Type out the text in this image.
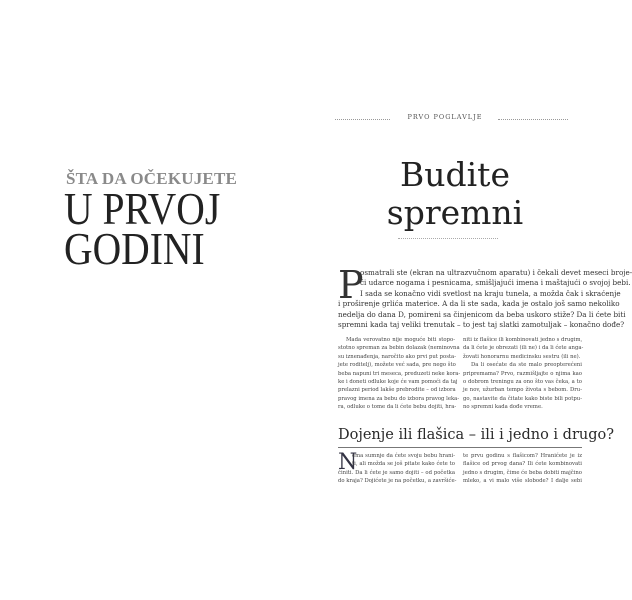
ŠTA DA OČEKUJETE
U PRVOJ
GODINI
PRVO POGLAVLJE
Budite
spremni
P
osmatrali ste (ekran na ultrazvučnom aparatu) i čekali devet meseci broje-
ći udarce nogama i pesnicama, smišljajući imena i maštajući o svojoj bebi.
I sada se konačno vidi svetlost na kraju tunela, a možda čak i skraćenje
i proširenje grlića materice. A da li ste sada, kada je ostalo još samo nekoliko
nedelja do dana D, pomireni sa činjenicom da beba uskoro stiže? Da li ćete biti
spremni kada taj veliki trenutak – to jest taj slatki zamotuljak – konačno dođe?
Mada verovatno nije moguće biti stopo-
stotno spreman za bebin dolazak (neminovna
su iznenađenja, naročito ako prvi put posta-
jete roditelj), možete već sada, pre nego što
beba napuni tri meseca, preduzeti neke kora-
ke i doneti odluke koje će vam pomoći da taj
prelazni period lakše prebrodite – od izbora
pravog imena za bebu do izbora pravog leka-
ra, odluke o tome da li ćete bebu dojiti, hra-
niti iz flašice ili kombinovati jedno s drugim,
da li ćete je obrezati (ili ne) i da li ćete anga-
žovati honorarnu medicinsku sestru (ili ne).
Da li osećate da ste malo preopterećeni
pripremama? Prvo, razmišljajte o njima kao
o dobrom treningu za ono što vas čeka, a to
je nov, užurban tempo života s bebom. Dru-
go, nastavite da čitate kako biste bili potpu-
no spremni kada dođe vreme.
Dojenje ili flašica – ili i jedno i drugo?
N
ema sumnje da ćete svoju bebu hrani-
ti, ali možda se još pitate kako ćete to
činiti. Da li ćete je samo dojiti – od početka
do kraja? Dojićete je na početku, a završiće-
te prvu godinu s flašicom? Hranićete je iz
flašice od prvog dana? Ili ćete kombinovati
jedno s drugim, čime će beba dobiti majčino
mleko, a vi malo više slobode? I dalje sebi
